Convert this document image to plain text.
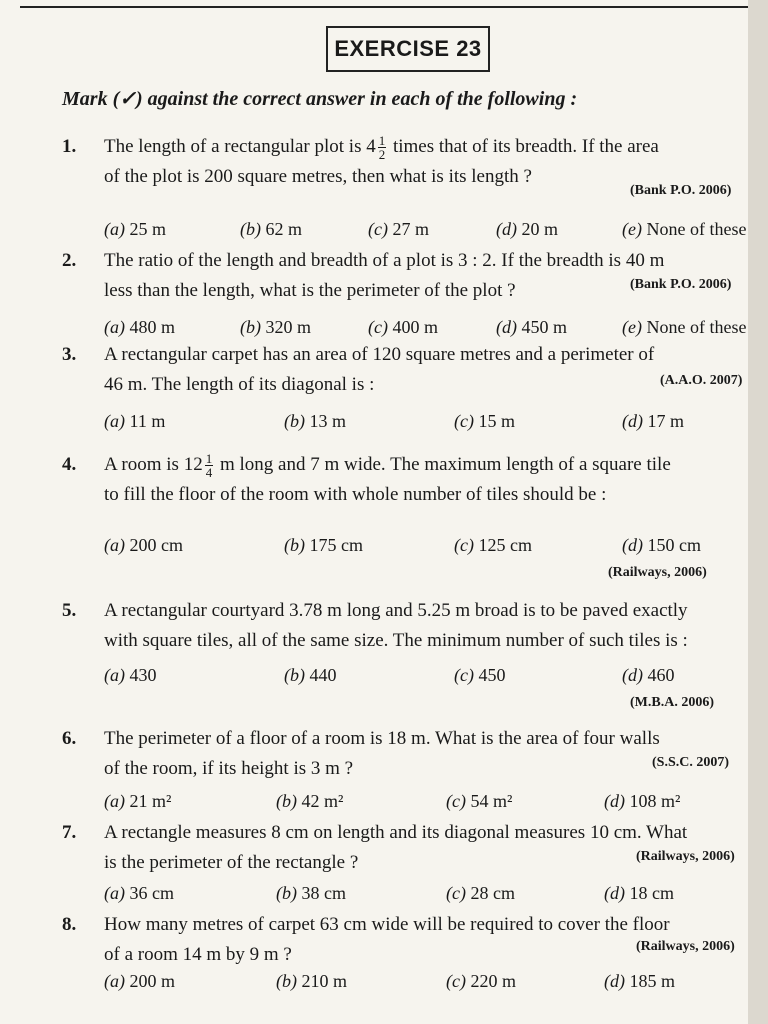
EXERCISE 23
Mark (✓) against the correct answer in each of the following :
1. The length of a rectangular plot is $4 \frac{1}{2}$ times that of its breadth. If the area
of the plot is 200 square metres, then what is its length ?
(Bank P.O. 2006)
(a) 25 m	(b) 62 m	(c) 27 m	(d) 20 m	(e) None of these
2. The ratio of the length and breadth of a plot is 3 : 2. If the breadth is 40 m
less than the length, what is the perimeter of the plot ?	(Bank P.O. 2006)
(a) 480 m	(b) 320 m	(c) 400 m	(d) 450 m	(e) None of these
3. A rectangular carpet has an area of 120 square metres and a perimeter of
46 m. The length of its diagonal is :	(A.A.O. 2007)
(a) 11 m	(b) 13 m	(c) 15 m	(d) 17 m
4. A room is $12 \frac{1}{4}$ m long and 7 m wide. The maximum length of a square tile
to fill the floor of the room with whole number of tiles should be :
(a) 200 cm	(b) 175 cm	(c) 125 cm	(d) 150 cm
(Railways, 2006)
5. A rectangular courtyard 3.78 m long and 5.25 m broad is to be paved exactly
with square tiles, all of the same size. The minimum number of such tiles is :
(a) 430	(b) 440	(c) 450	(d) 460
(M.B.A. 2006)
6. The perimeter of a floor of a room is 18 m. What is the area of four walls
of the room, if its height is 3 m ?	(S.S.C. 2007)
(a) 21 m²	(b) 42 m²	(c) 54 m²	(d) 108 m²
7. A rectangle measures 8 cm on length and its diagonal measures 10 cm. What
is the perimeter of the rectangle ?	(Railways, 2006)
(a) 36 cm	(b) 38 cm	(c) 28 cm	(d) 18 cm
8. How many metres of carpet 63 cm wide will be required to cover the floor
of a room 14 m by 9 m ?	(Railways, 2006)
(a) 200 m	(b) 210 m	(c) 220 m	(d) 185 m
